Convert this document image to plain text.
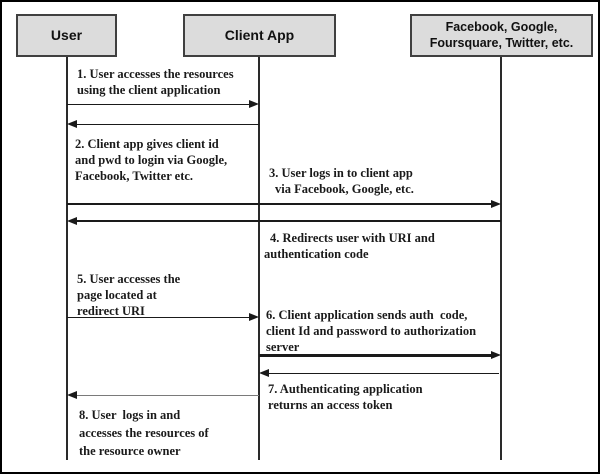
User	Client App	Facebook, Google,
Foursquare, Twitter, etc.
1. User accesses the resources
using the client application
2. Client app gives client id
and pwd to login via Google,
Facebook, Twitter etc.	3. User logs in to client app
via Facebook, Google, etc.
4. Redirects user with URI and
authentication code
5. User accesses the
page located at
redirect URI	6. Client application sends auth  code,
client Id and password to authorization
server
7. Authenticating application
returns an access token
8. User  logs in and
accesses the resources of
the resource owner
